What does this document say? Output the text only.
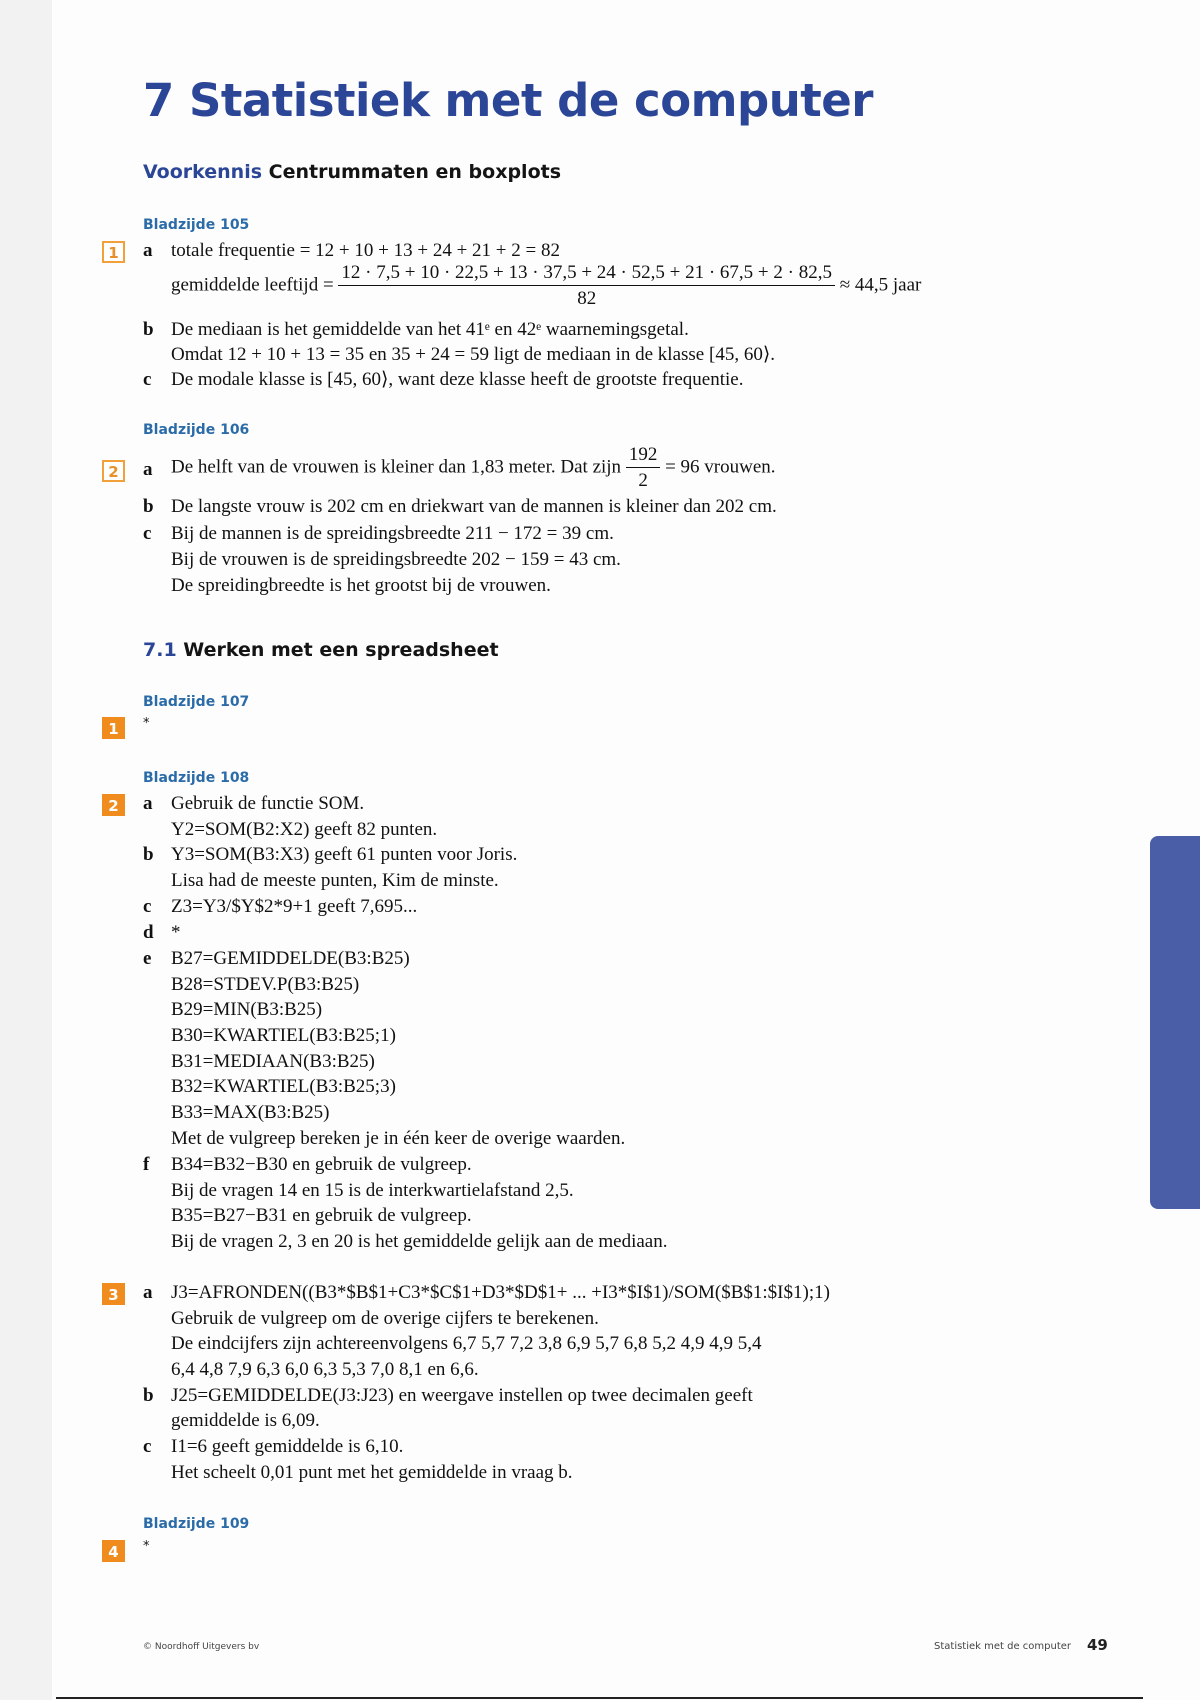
7 Statistiek met de computer
Voorkennis Centrummaten en boxplots
Bladzijde 105
1	a totale frequentie = 12 + 10 + 13 + 24 + 21 + 2 = 82
gemiddelde leeftijd =
12 · 7,5 + 10 · 22,5 + 13 · 37,5 + 24 · 52,5 + 21 · 67,5 + 2 · 82,5
82
≈ 44,5 jaar
b De mediaan is het gemiddelde van het 41ᵉ en 42ᵉ waarnemingsgetal.
Omdat 12 + 10 + 13 = 35 en 35 + 24 = 59 ligt de mediaan in de klasse [45, 60⟩.
c De modale klasse is [45, 60⟩, want deze klasse heeft de grootste frequentie.
Bladzijde 106
2	a De helft van de vrouwen is kleiner dan 1,83 meter. Dat zijn $\frac{192}{2} = 96$ vrouwen.
b De langste vrouw is 202 cm en driekwart van de mannen is kleiner dan 202 cm.
c Bij de mannen is de spreidingsbreedte 211 − 172 = 39 cm.
Bij de vrouwen is de spreidingsbreedte 202 − 159 = 43 cm.
De spreidingbreedte is het grootst bij de vrouwen.
7.1 Werken met een spreadsheet
Bladzijde 107
1	*
Bladzijde 108
2	a Gebruik de functie SOM.
Y2=SOM(B2:X2) geeft 82 punten.
b Y3=SOM(B3:X3) geeft 61 punten voor Joris.
Lisa had de meeste punten, Kim de minste.
c Z3=Y3/$Y$2*9+1 geeft 7,695...
d *
e B27=GEMIDDELDE(B3:B25)
B28=STDEV.P(B3:B25)
B29=MIN(B3:B25)
B30=KWARTIEL(B3:B25;1)
B31=MEDIAAN(B3:B25)
B32=KWARTIEL(B3:B25;3)
B33=MAX(B3:B25)
Met de vulgreep bereken je in één keer de overige waarden.
f B34=B32−B30 en gebruik de vulgreep.
Bij de vragen 14 en 15 is de interkwartielafstand 2,5.
B35=B27−B31 en gebruik de vulgreep.
Bij de vragen 2, 3 en 20 is het gemiddelde gelijk aan de mediaan.
3	a J3=AFRONDEN((B3*$B$1+C3*$C$1+D3*$D$1+ ... +I3*$I$1)/SOM($B$1:$I$1);1)
Gebruik de vulgreep om de overige cijfers te berekenen.
De eindcijfers zijn achtereenvolgens 6,7 5,7 7,2 3,8 6,9 5,7 6,8 5,2 4,9 4,9 5,4
6,4 4,8 7,9 6,3 6,0 6,3 5,3 7,0 8,1 en 6,6.
b J25=GEMIDDELDE(J3:J23) en weergave instellen op twee decimalen geeft
gemiddelde is 6,09.
c I1=6 geeft gemiddelde is 6,10.
Het scheelt 0,01 punt met het gemiddelde in vraag b.
Bladzijde 109
4	*
© Noordhoff Uitgevers bv	Statistiek met de computer 49
